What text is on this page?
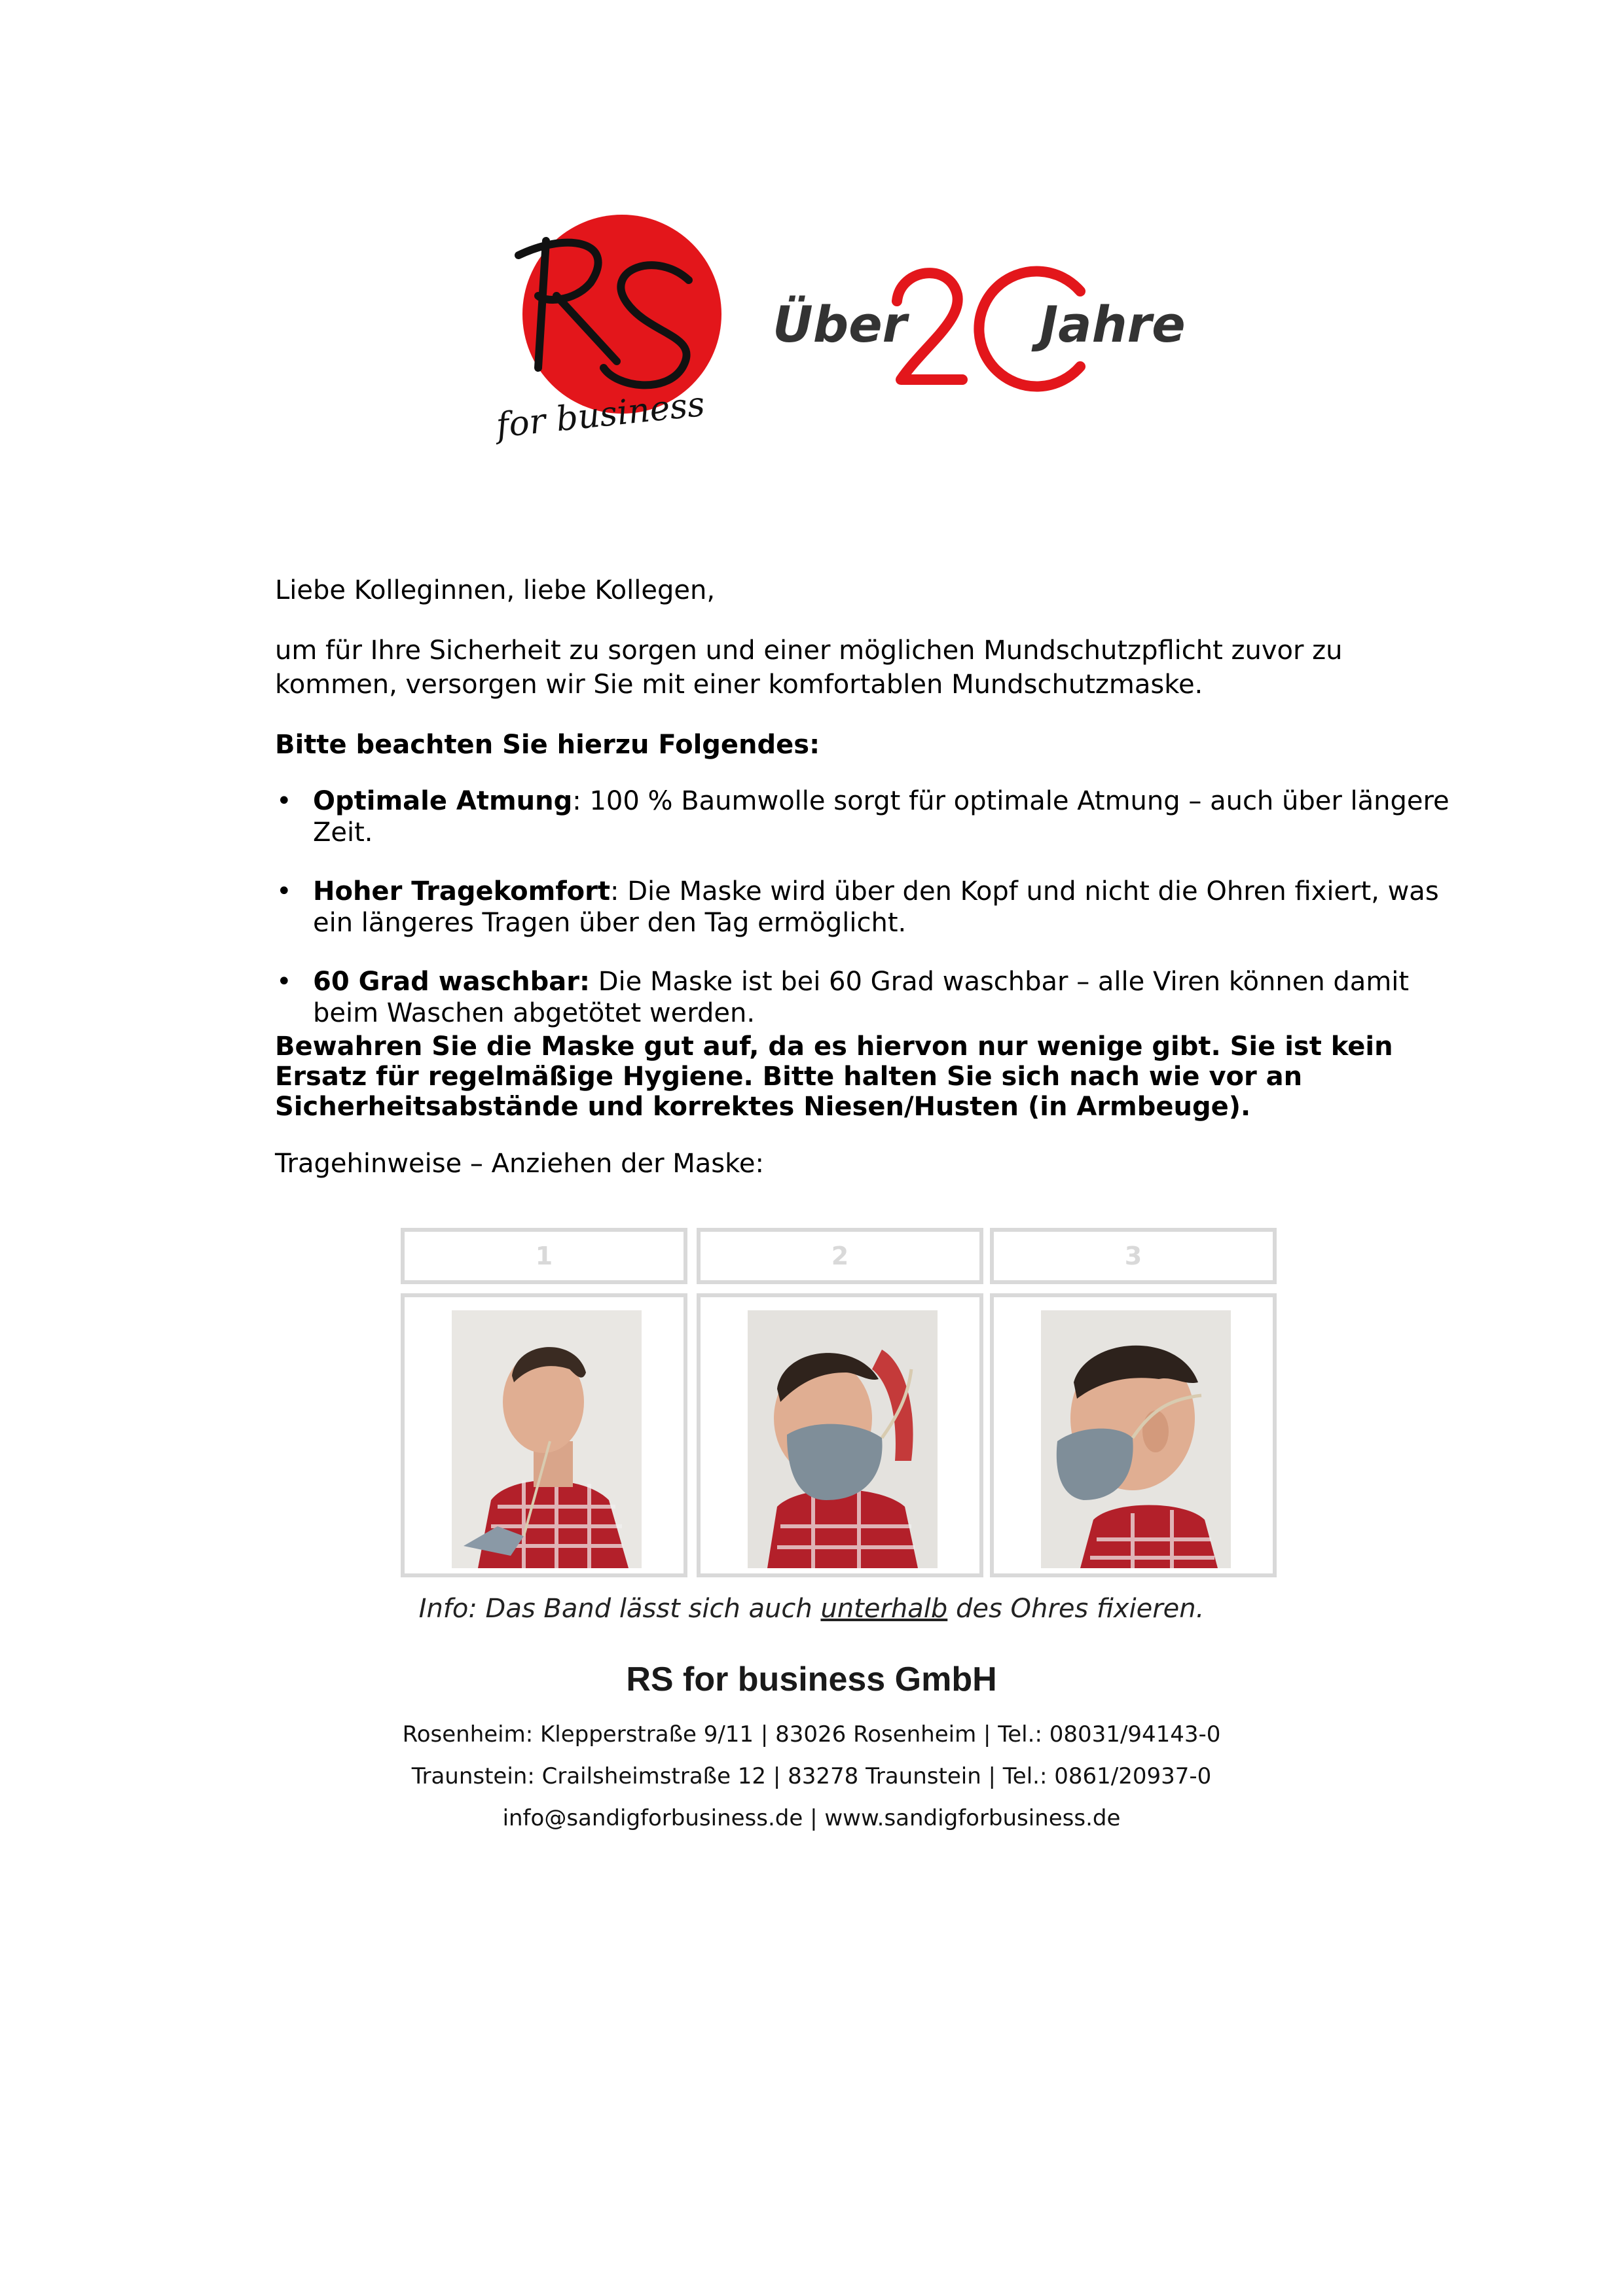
for business
Über	Jahre
Liebe Kolleginnen, liebe Kollegen,
um für Ihre Sicherheit zu sorgen und einer möglichen Mundschutzpflicht zuvor zu kommen, versorgen wir Sie mit einer komfortablen Mundschutzmaske.
Bitte beachten Sie hierzu Folgendes:
• Optimale Atmung: 100 % Baumwolle sorgt für optimale Atmung – auch über längere Zeit.
• Hoher Tragekomfort: Die Maske wird über den Kopf und nicht die Ohren fixiert, was ein längeres Tragen über den Tag ermöglicht.
• 60 Grad waschbar: Die Maske ist bei 60 Grad waschbar – alle Viren können damit beim Waschen abgetötet werden.
Bewahren Sie die Maske gut auf, da es hiervon nur wenige gibt. Sie ist kein Ersatz für regelmäßige Hygiene. Bitte halten Sie sich nach wie vor an Sicherheitsabstände und korrektes Niesen/Husten (in Armbeuge).
Tragehinweise – Anziehen der Maske:
1	2	3
Info: Das Band lässt sich auch unterhalb des Ohres fixieren.
RS for business GmbH
Rosenheim: Klepperstraße 9/11 | 83026 Rosenheim | Tel.: 08031/94143-0
Traunstein: Crailsheimstraße 12 | 83278 Traunstein | Tel.: 0861/20937-0
info@sandigforbusiness.de | www.sandigforbusiness.de
